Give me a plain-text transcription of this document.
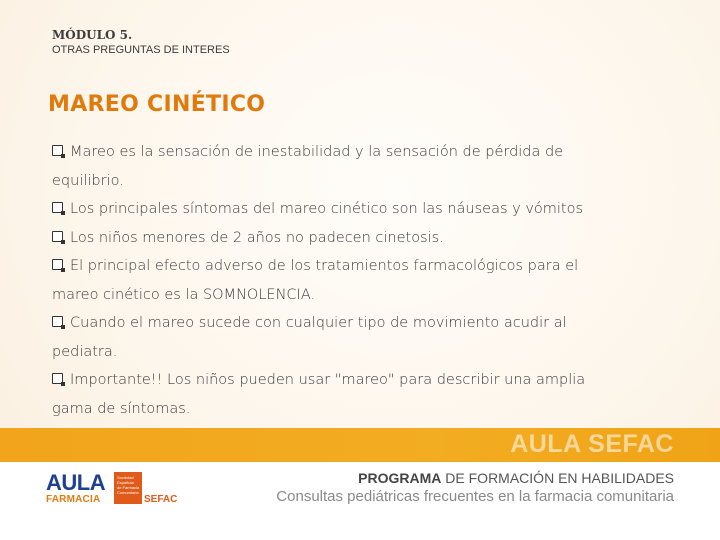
MÓDULO 5.
OTRAS PREGUNTAS DE INTERES
MAREO CINÉTICO
Mareo es la sensación de inestabilidad y la sensación de pérdida de
equilibrio.
Los principales síntomas del mareo cinético son las náuseas y vómitos
Los niños menores de 2 años no padecen cinetosis.
El principal efecto adverso de los tratamientos farmacológicos para el
mareo cinético es la SOMNOLENCIA.
Cuando el mareo sucede con cualquier tipo de movimiento acudir al
pediatra.
Importante!! Los niños pueden usar "mareo" para describir una amplia
gama de síntomas.
AULA SEFAC
AULA
FARMACIA
Sociedad
Española
de Farmacia
Comunitaria
SEFAC
PROGRAMA DE FORMACIÓN EN HABILIDADES
Consultas pediátricas frecuentes en la farmacia comunitaria
